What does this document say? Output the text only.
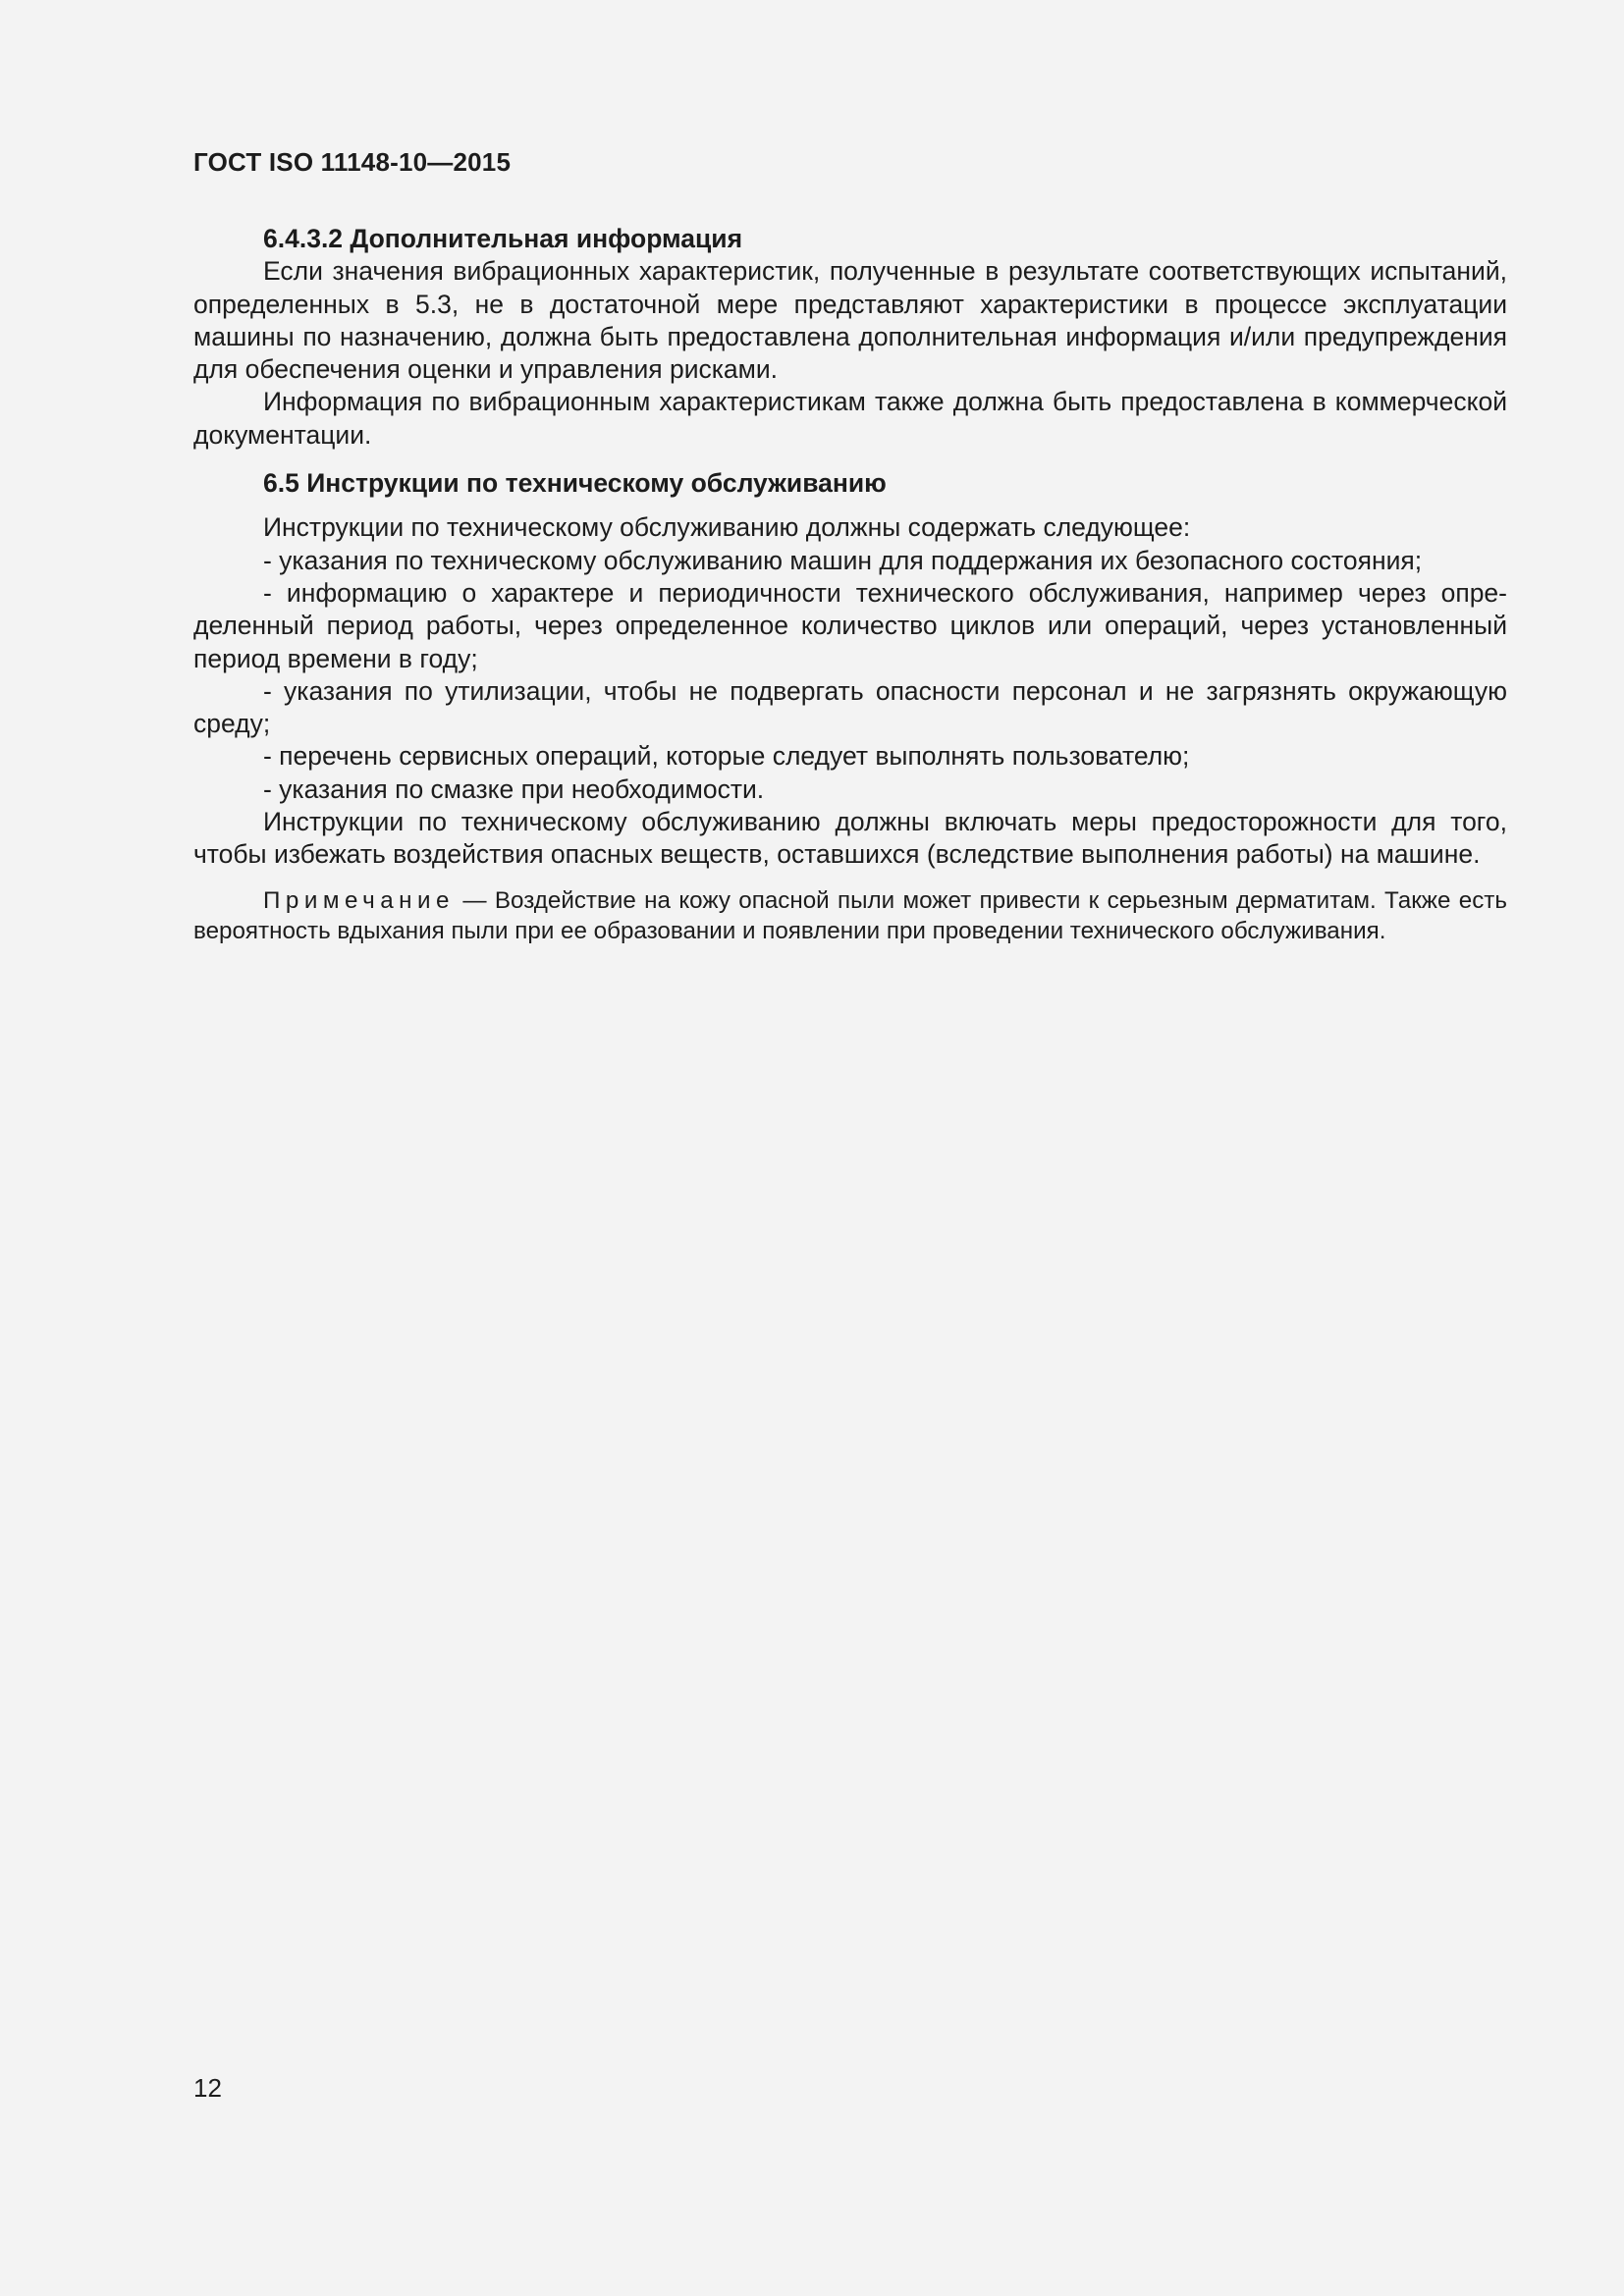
ГОСТ ISO 11148-10—2015

6.4.3.2 Дополнительная информация

Если значения вибрационных характеристик, полученные в результате соответствующих испытаний, определенных в 5.3, не в достаточной мере представляют характеристики в процессе эксплуатации машины по назначению, должна быть предоставлена дополнительная информация и/или предупреждения для обеспечения оценки и управления рисками.

Информация по вибрационным характеристикам также должна быть предоставлена в коммерческой документации.

6.5 Инструкции по техническому обслуживанию

Инструкции по техническому обслуживанию должны содержать следующее:

- указания по техническому обслуживанию машин для поддержания их безопасного состояния;

- информацию о характере и периодичности технического обслуживания, например через определенный период работы, через определенное количество циклов или операций, через установленный период времени в году;

- указания по утилизации, чтобы не подвергать опасности персонал и не загрязнять окружающую среду;

- перечень сервисных операций, которые следует выполнять пользователю;

- указания по смазке при необходимости.

Инструкции по техническому обслуживанию должны включать меры предосторожности для того, чтобы избежать воздействия опасных веществ, оставшихся (вследствие выполнения работы) на машине.

Примечание — Воздействие на кожу опасной пыли может привести к серьезным дерматитам. Также есть вероятность вдыхания пыли при ее образовании и появлении при проведении технического обслуживания.

12
